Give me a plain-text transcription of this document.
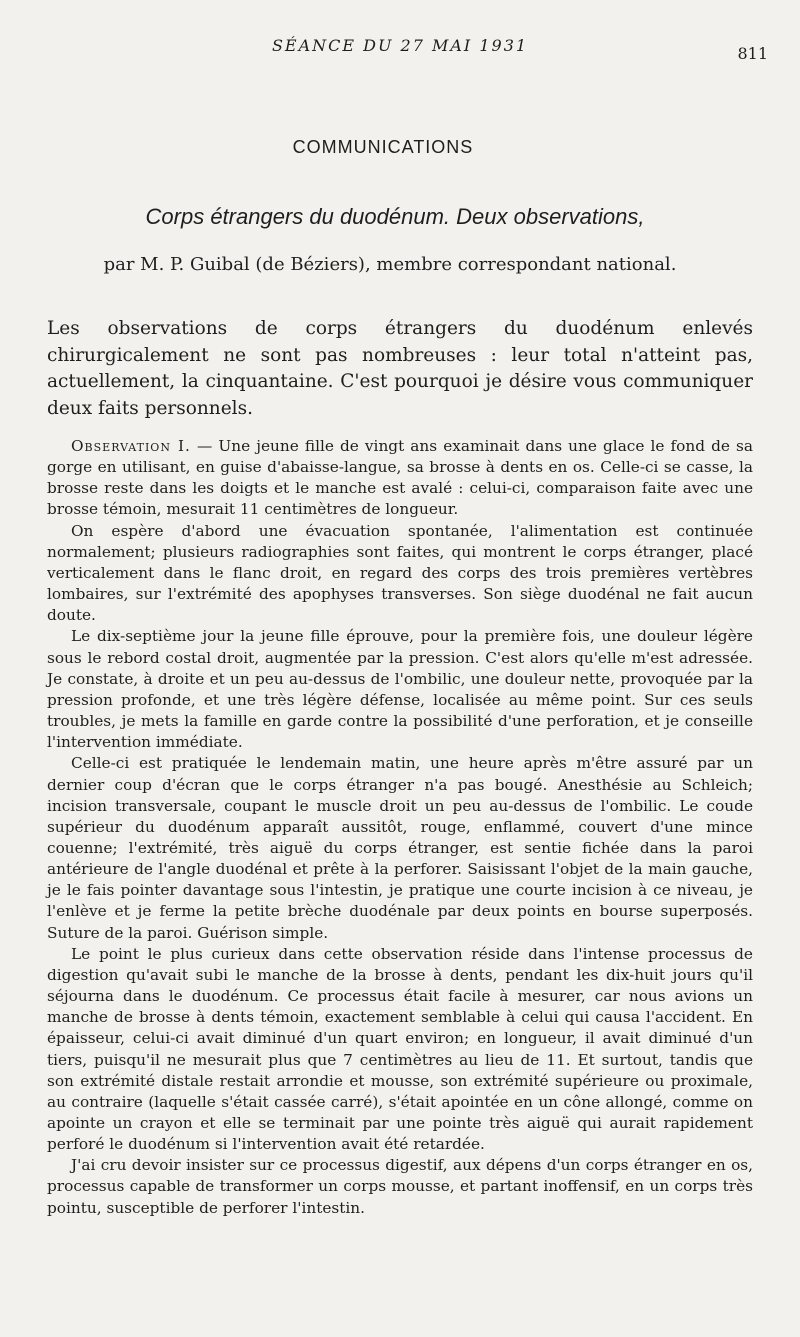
SÉANCE DU 27 MAI 1931	811
COMMUNICATIONS
Corps étrangers du duodénum. Deux observations,
par M. P. Guibal (de Béziers), membre correspondant national.

Les observations de corps étrangers du duodénum enlevés chirurgicalement ne sont pas nombreuses : leur total n'atteint pas, actuellement, la cinquantaine. C'est pourquoi je désire vous communiquer deux faits personnels.

Observation I. — Une jeune fille de vingt ans examinait dans une glace le fond de sa gorge en utilisant, en guise d'abaisse-langue, sa brosse à dents en os. Celle-ci se casse, la brosse reste dans les doigts et le manche est avalé : celui-ci, comparaison faite avec une brosse témoin, mesurait 11 centimètres de longueur.

On espère d'abord une évacuation spontanée, l'alimentation est continuée normalement; plusieurs radiographies sont faites, qui montrent le corps étranger, placé verticalement dans le flanc droit, en regard des corps des trois premières vertèbres lombaires, sur l'extrémité des apophyses transverses. Son siège duodénal ne fait aucun doute.

Le dix-septième jour la jeune fille éprouve, pour la première fois, une douleur légère sous le rebord costal droit, augmentée par la pression. C'est alors qu'elle m'est adressée. Je constate, à droite et un peu au-dessus de l'ombilic, une douleur nette, provoquée par la pression profonde, et une très légère défense, localisée au même point. Sur ces seuls troubles, je mets la famille en garde contre la possibilité d'une perforation, et je conseille l'intervention immédiate.

Celle-ci est pratiquée le lendemain matin, une heure après m'être assuré par un dernier coup d'écran que le corps étranger n'a pas bougé. Anesthésie au Schleich; incision transversale, coupant le muscle droit un peu au-dessus de l'ombilic. Le coude supérieur du duodénum apparaît aussitôt, rouge, enflammé, couvert d'une mince couenne; l'extrémité, très aiguë du corps étranger, est sentie fichée dans la paroi antérieure de l'angle duodénal et prête à la perforer. Saisissant l'objet de la main gauche, je le fais pointer davantage sous l'intestin, je pratique une courte incision à ce niveau, je l'enlève et je ferme la petite brèche duodénale par deux points en bourse superposés. Suture de la paroi. Guérison simple.

Le point le plus curieux dans cette observation réside dans l'intense processus de digestion qu'avait subi le manche de la brosse à dents, pendant les dix-huit jours qu'il séjourna dans le duodénum. Ce processus était facile à mesurer, car nous avions un manche de brosse à dents témoin, exactement semblable à celui qui causa l'accident. En épaisseur, celui-ci avait diminué d'un quart environ; en longueur, il avait diminué d'un tiers, puisqu'il ne mesurait plus que 7 centimètres au lieu de 11. Et surtout, tandis que son extrémité distale restait arrondie et mousse, son extrémité supérieure ou proximale, au contraire (laquelle s'était cassée carré), s'était apointée en un cône allongé, comme on apointe un crayon et elle se terminait par une pointe très aiguë qui aurait rapidement perforé le duodénum si l'intervention avait été retardée.

J'ai cru devoir insister sur ce processus digestif, aux dépens d'un corps étranger en os, processus capable de transformer un corps mousse, et partant inoffensif, en un corps très pointu, susceptible de perforer l'intestin.
